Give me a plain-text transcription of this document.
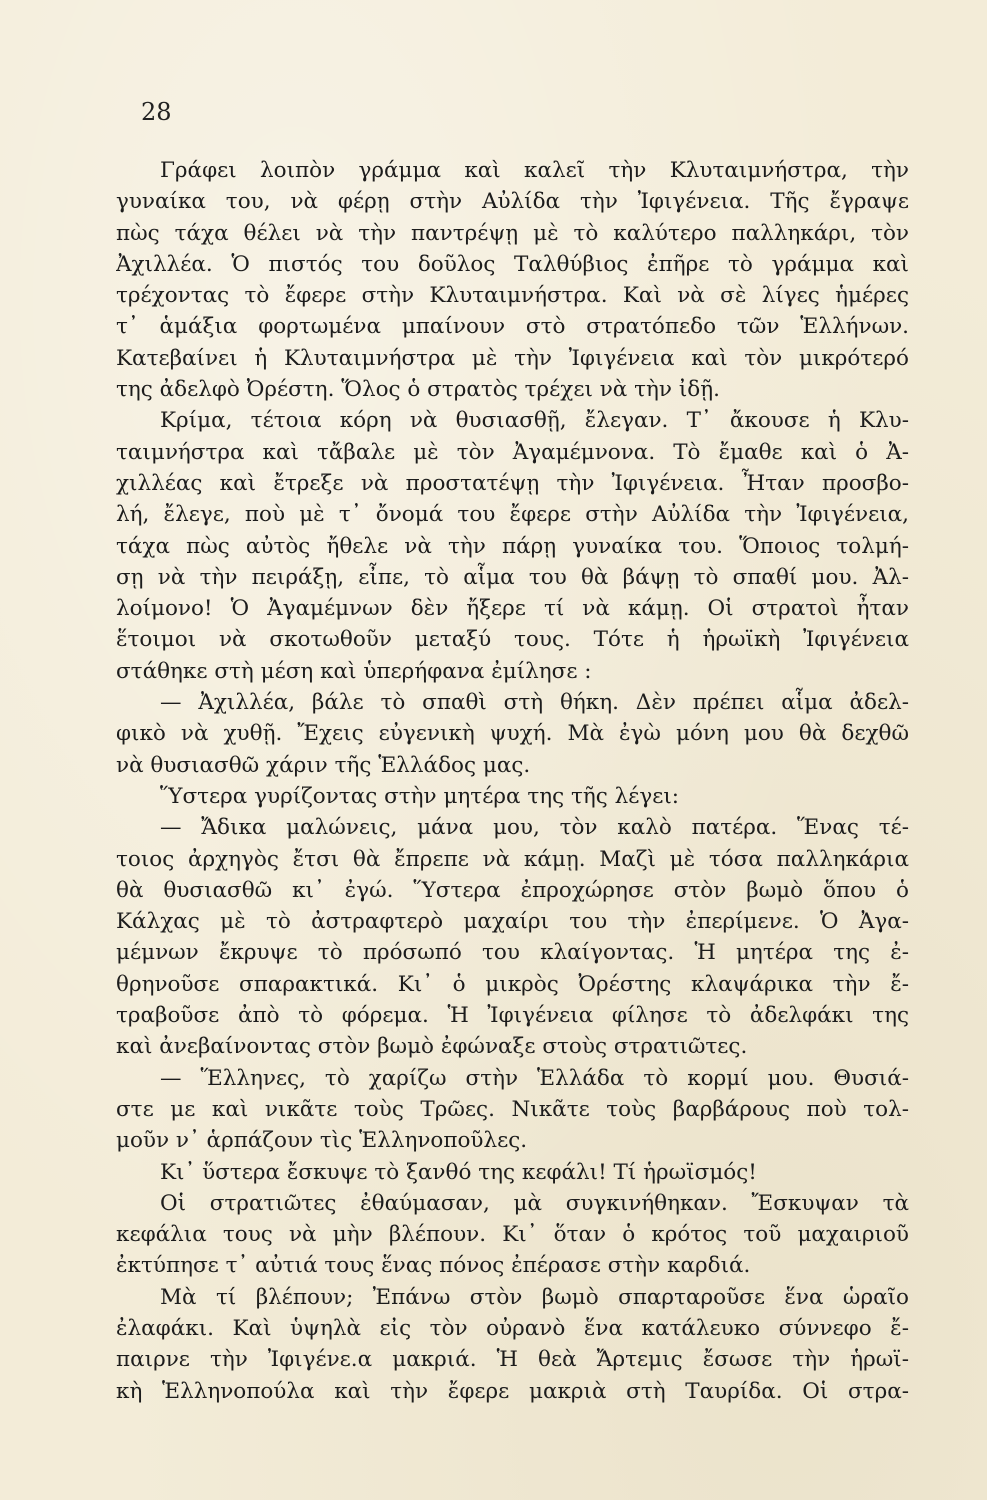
28
Γράφει λοιπὸν γράμμα καὶ καλεῖ τὴν Κλυταιμνήστρα, τὴν
γυναίκα του, νὰ φέρῃ στὴν Αὐλίδα τὴν Ἰφιγένεια. Τῆς ἔγραψε
πὼς τάχα θέλει νὰ τὴν παντρέψῃ μὲ τὸ καλύτερο παλληκάρι, τὸν
Ἀχιλλέα. Ὁ πιστός του δοῦλος Ταλθύβιος ἐπῆρε τὸ γράμμα καὶ
τρέχοντας τὸ ἔφερε στὴν Κλυταιμνήστρα. Καὶ νὰ σὲ λίγες ἡμέρες
τ᾽ ἁμάξια φορτωμένα μπαίνουν στὸ στρατόπεδο τῶν Ἑλλήνων.
Κατεβαίνει ἡ Κλυταιμνήστρα μὲ τὴν Ἰφιγένεια καὶ τὸν μικρότερό
της ἀδελφὸ Ὀρέστη. Ὅλος ὁ στρατὸς τρέχει νὰ τὴν ἰδῇ.
Κρίμα, τέτοια κόρη νὰ θυσιασθῇ, ἔλεγαν. Τ᾽ ἄκουσε ἡ Κλυ-
ταιμνήστρα καὶ τἄβαλε μὲ τὸν Ἀγαμέμνονα. Τὸ ἔμαθε καὶ ὁ Ἀ-
χιλλέας καὶ ἔτρεξε νὰ προστατέψῃ τὴν Ἰφιγένεια. Ἦταν προσβο-
λή, ἔλεγε, ποὺ μὲ τ᾽ ὄνομά του ἔφερε στὴν Αὐλίδα τὴν Ἰφιγένεια,
τάχα πὼς αὐτὸς ἤθελε νὰ τὴν πάρῃ γυναίκα του. Ὅποιος τολμή-
σῃ νὰ τὴν πειράξῃ, εἶπε, τὸ αἷμα του θὰ βάψῃ τὸ σπαθί μου. Ἀλ-
λοίμονο! Ὁ Ἀγαμέμνων δὲν ἤξερε τί νὰ κάμῃ. Οἱ στρατοὶ ἦταν
ἕτοιμοι νὰ σκοτωθοῦν μεταξύ τους. Τότε ἡ ἡρωϊκὴ Ἰφιγένεια
στάθηκε στὴ μέση καὶ ὑπερήφανα ἐμίλησε :
— Ἀχιλλέα, βάλε τὸ σπαθὶ στὴ θήκη. Δὲν πρέπει αἷμα ἀδελ-
φικὸ νὰ χυθῇ. Ἔχεις εὐγενικὴ ψυχή. Μὰ ἐγὼ μόνη μου θὰ δεχθῶ
νὰ θυσιασθῶ χάριν τῆς Ἑλλάδος μας.
Ὕστερα γυρίζοντας στὴν μητέρα της τῆς λέγει:
— Ἄδικα μαλώνεις, μάνα μου, τὸν καλὸ πατέρα. Ἕνας τέ-
τοιος ἀρχηγὸς ἔτσι θὰ ἔπρεπε νὰ κάμῃ. Μαζὶ μὲ τόσα παλληκάρια
θὰ θυσιασθῶ κι᾽ ἐγώ. Ὕστερα ἐπροχώρησε στὸν βωμὸ ὅπου ὁ
Κάλχας μὲ τὸ ἀστραφτερὸ μαχαίρι του τὴν ἐπερίμενε. Ὁ Ἀγα-
μέμνων ἔκρυψε τὸ πρόσωπό του κλαίγοντας. Ἡ μητέρα της ἐ-
θρηνοῦσε σπαρακτικά. Κι᾽ ὁ μικρὸς Ὀρέστης κλαψάρικα τὴν ἔ-
τραβοῦσε ἀπὸ τὸ φόρεμα. Ἡ Ἰφιγένεια φίλησε τὸ ἀδελφάκι της
καὶ ἀνεβαίνοντας στὸν βωμὸ ἐφώναξε στοὺς στρατιῶτες.
— Ἕλληνες, τὸ χαρίζω στὴν Ἑλλάδα τὸ κορμί μου. Θυσιά-
στε με καὶ νικᾶτε τοὺς Τρῶες. Νικᾶτε τοὺς βαρβάρους ποὺ τολ-
μοῦν ν᾽ ἁρπάζουν τὶς Ἑλληνοποῦλες.
Κι᾽ ὕστερα ἔσκυψε τὸ ξανθό της κεφάλι! Τί ἡρωϊσμός!
Οἱ στρατιῶτες ἐθαύμασαν, μὰ συγκινήθηκαν. Ἔσκυψαν τὰ
κεφάλια τους νὰ μὴν βλέπουν. Κι᾽ ὅταν ὁ κρότος τοῦ μαχαιριοῦ
ἐκτύπησε τ᾽ αὐτιά τους ἕνας πόνος ἐπέρασε στὴν καρδιά.
Μὰ τί βλέπουν; Ἐπάνω στὸν βωμὸ σπαρταροῦσε ἕνα ὡραῖο
ἐλαφάκι. Καὶ ὑψηλὰ εἰς τὸν οὐρανὸ ἕνα κατάλευκο σύννεφο ἔ-
παιρνε τὴν Ἰφιγένε.α μακριά. Ἡ θεὰ Ἄρτεμις ἔσωσε τὴν ἡρωϊ-
κὴ Ἑλληνοπούλα καὶ τὴν ἔφερε μακριὰ στὴ Ταυρίδα. Οἱ στρα-
